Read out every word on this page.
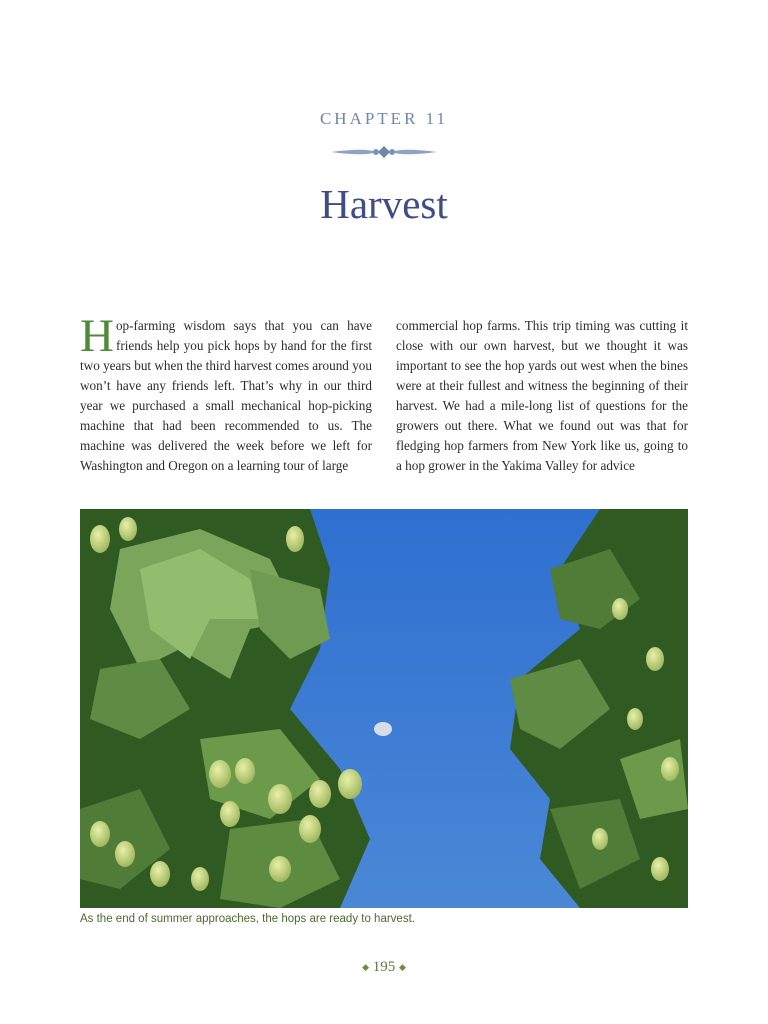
CHAPTER 11
Harvest
Hop-farming wisdom says that you can have friends help you pick hops by hand for the first two years but when the third harvest comes around you won’t have any friends left. That’s why in our third year we purchased a small mechanical hop-picking machine that had been recommended to us. The machine was delivered the week before we left for Washington and Oregon on a learning tour of large
commercial hop farms. This trip timing was cutting it close with our own harvest, but we thought it was important to see the hop yards out west when the bines were at their fullest and witness the beginning of their harvest. We had a mile-long list of questions for the growers out there. What we found out was that for fledging hop farmers from New York like us, going to a hop grower in the Yakima Valley for advice
As the end of summer approaches, the hops are ready to harvest.
◆ 195 ◆
